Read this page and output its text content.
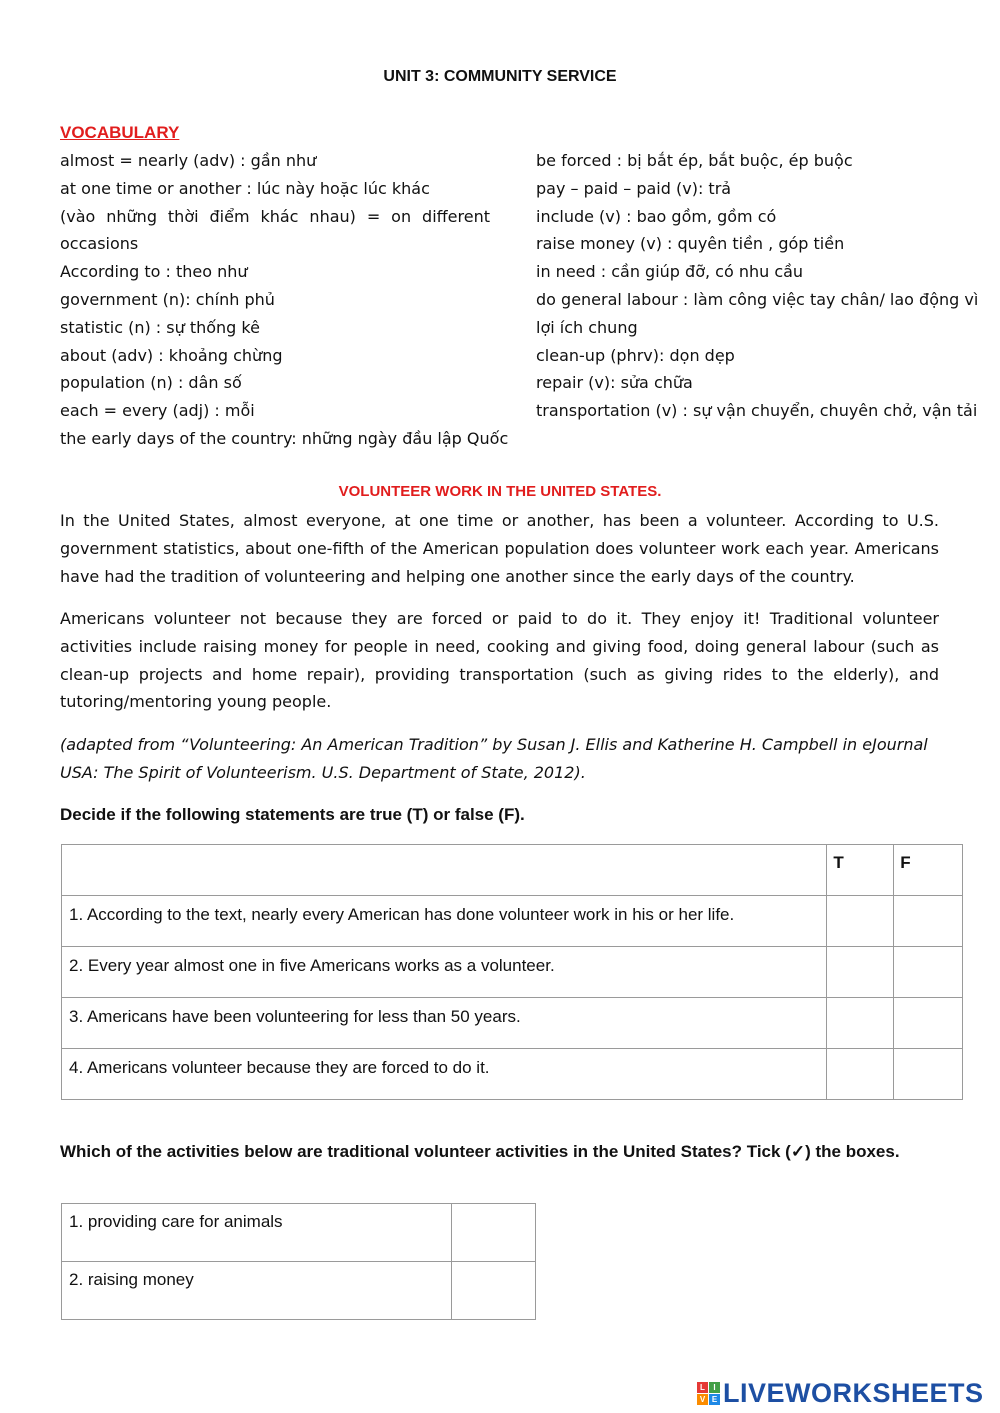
UNIT 3: COMMUNITY SERVICE
VOCABULARY
almost = nearly (adv) : gần như
at one time or another : lúc này hoặc lúc khác
(vào những thời điểm khác nhau) = on different
occasions
According to : theo như
government (n): chính phủ
statistic (n) : sự thống kê
about (adv) : khoảng chừng
population (n) : dân số
each = every (adj) : mỗi
the early days of the country: những ngày đầu lập Quốc
be forced : bị bắt ép, bắt buộc, ép buộc
pay – paid – paid (v): trả
include (v) : bao gồm, gồm có
raise money (v) : quyên tiền , góp tiền
in need : cần giúp đỡ, có nhu cầu
do general labour : làm công việc tay chân/ lao động vì
lợi ích chung
clean-up (phrv): dọn dẹp
repair (v): sửa chữa
transportation (v) : sự vận chuyển, chuyên chở, vận tải
VOLUNTEER WORK IN THE UNITED STATES.
In the United States, almost everyone, at one time or another, has been a volunteer. According to U.S. government statistics, about one-fifth of the American population does volunteer work each year. Americans have had the tradition of volunteering and helping one another since the early days of the country.
Americans volunteer not because they are forced or paid to do it. They enjoy it! Traditional volunteer activities include raising money for people in need, cooking and giving food, doing general labour (such as clean-up projects and home repair), providing transportation (such as giving rides to the elderly), and tutoring/mentoring young people.
(adapted from “Volunteering: An American Tradition” by Susan J. Ellis and Katherine H. Campbell in eJournal USA: The Spirit of Volunteerism. U.S. Department of State, 2012).
Decide if the following statements are true (T) or false (F).
	T	F
1. According to the text, nearly every American has done volunteer work in his or her life.		
2. Every year almost one in five Americans works as a volunteer.		
3. Americans have been volunteering for less than 50 years.		
4. Americans volunteer because they are forced to do it.		
Which of the activities below are traditional volunteer activities in the United States? Tick (✓) the boxes.
1. providing care for animals	
2. raising money	
L	I
V E LIVEWORKSHEETS
